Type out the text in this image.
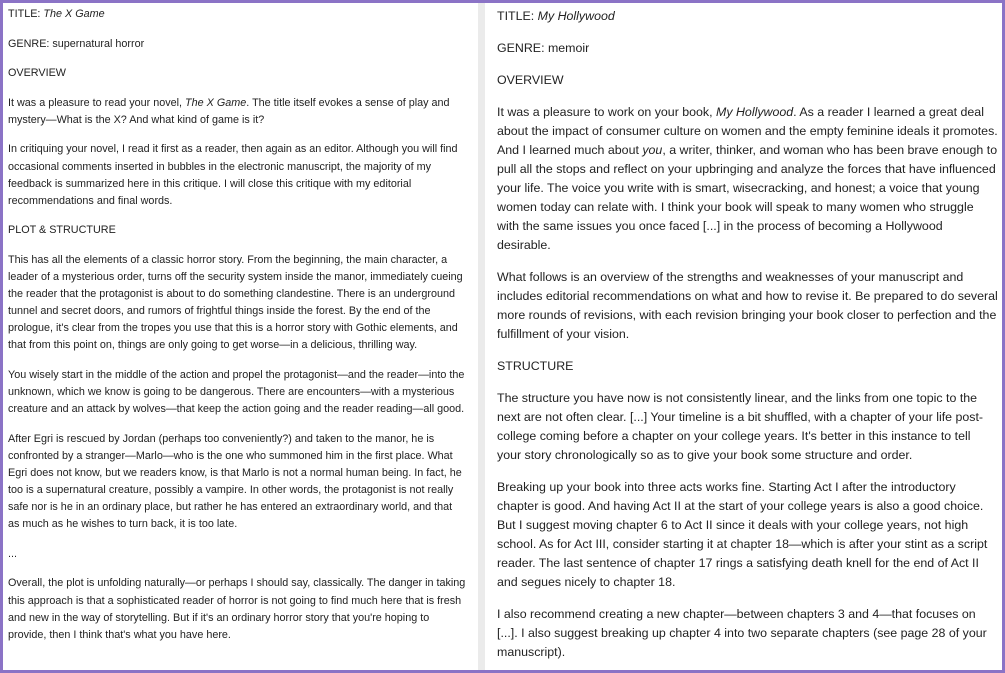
TITLE: The X Game

GENRE: supernatural horror

OVERVIEW

It was a pleasure to read your novel, The X Game. The title itself evokes a sense of play and mystery—What is the X? And what kind of game is it?

In critiquing your novel, I read it first as a reader, then again as an editor. Although you will find occasional comments inserted in bubbles in the electronic manuscript, the majority of my feedback is summarized here in this critique. I will close this critique with my editorial recommendations and final words.

PLOT & STRUCTURE

This has all the elements of a classic horror story. From the beginning, the main character, a leader of a mysterious order, turns off the security system inside the manor, immediately cueing the reader that the protagonist is about to do something clandestine. There is an underground tunnel and secret doors, and rumors of frightful things inside the forest. By the end of the prologue, it's clear from the tropes you use that this is a horror story with Gothic elements, and that from this point on, things are only going to get worse—in a delicious, thrilling way.

You wisely start in the middle of the action and propel the protagonist—and the reader—into the unknown, which we know is going to be dangerous. There are encounters—with a mysterious creature and an attack by wolves—that keep the action going and the reader reading—all good.

After Egri is rescued by Jordan (perhaps too conveniently?) and taken to the manor, he is confronted by a stranger—Marlo—who is the one who summoned him in the first place. What Egri does not know, but we readers know, is that Marlo is not a normal human being. In fact, he too is a supernatural creature, possibly a vampire. In other words, the protagonist is not really safe nor is he in an ordinary place, but rather he has entered an extraordinary world, and that as much as he wishes to turn back, it is too late.

...

Overall, the plot is unfolding naturally—or perhaps I should say, classically. The danger in taking this approach is that a sophisticated reader of horror is not going to find much here that is fresh and new in the way of storytelling. But if it's an ordinary horror story that you're hoping to provide, then I think that's what you have here.

TITLE: My Hollywood

GENRE: memoir

OVERVIEW

It was a pleasure to work on your book, My Hollywood. As a reader I learned a great deal about the impact of consumer culture on women and the empty feminine ideals it promotes. And I learned much about you, a writer, thinker, and woman who has been brave enough to pull all the stops and reflect on your upbringing and analyze the forces that have influenced your life. The voice you write with is smart, wisecracking, and honest; a voice that young women today can relate with. I think your book will speak to many women who struggle with the same issues you once faced [...] in the process of becoming a Hollywood desirable.

What follows is an overview of the strengths and weaknesses of your manuscript and includes editorial recommendations on what and how to revise it. Be prepared to do several more rounds of revisions, with each revision bringing your book closer to perfection and the fulfillment of your vision.

STRUCTURE

The structure you have now is not consistently linear, and the links from one topic to the next are not often clear. [...] Your timeline is a bit shuffled, with a chapter of your life post-college coming before a chapter on your college years. It's better in this instance to tell your story chronologically so as to give your book some structure and order.

Breaking up your book into three acts works fine. Starting Act I after the introductory chapter is good. And having Act II at the start of your college years is also a good choice. But I suggest moving chapter 6 to Act II since it deals with your college years, not high school. As for Act III, consider starting it at chapter 18—which is after your stint as a script reader. The last sentence of chapter 17 rings a satisfying death knell for the end of Act II and segues nicely to chapter 18.

I also recommend creating a new chapter—between chapters 3 and 4—that focuses on [...]. I also suggest breaking up chapter 4 into two separate chapters (see page 28 of your manuscript).
